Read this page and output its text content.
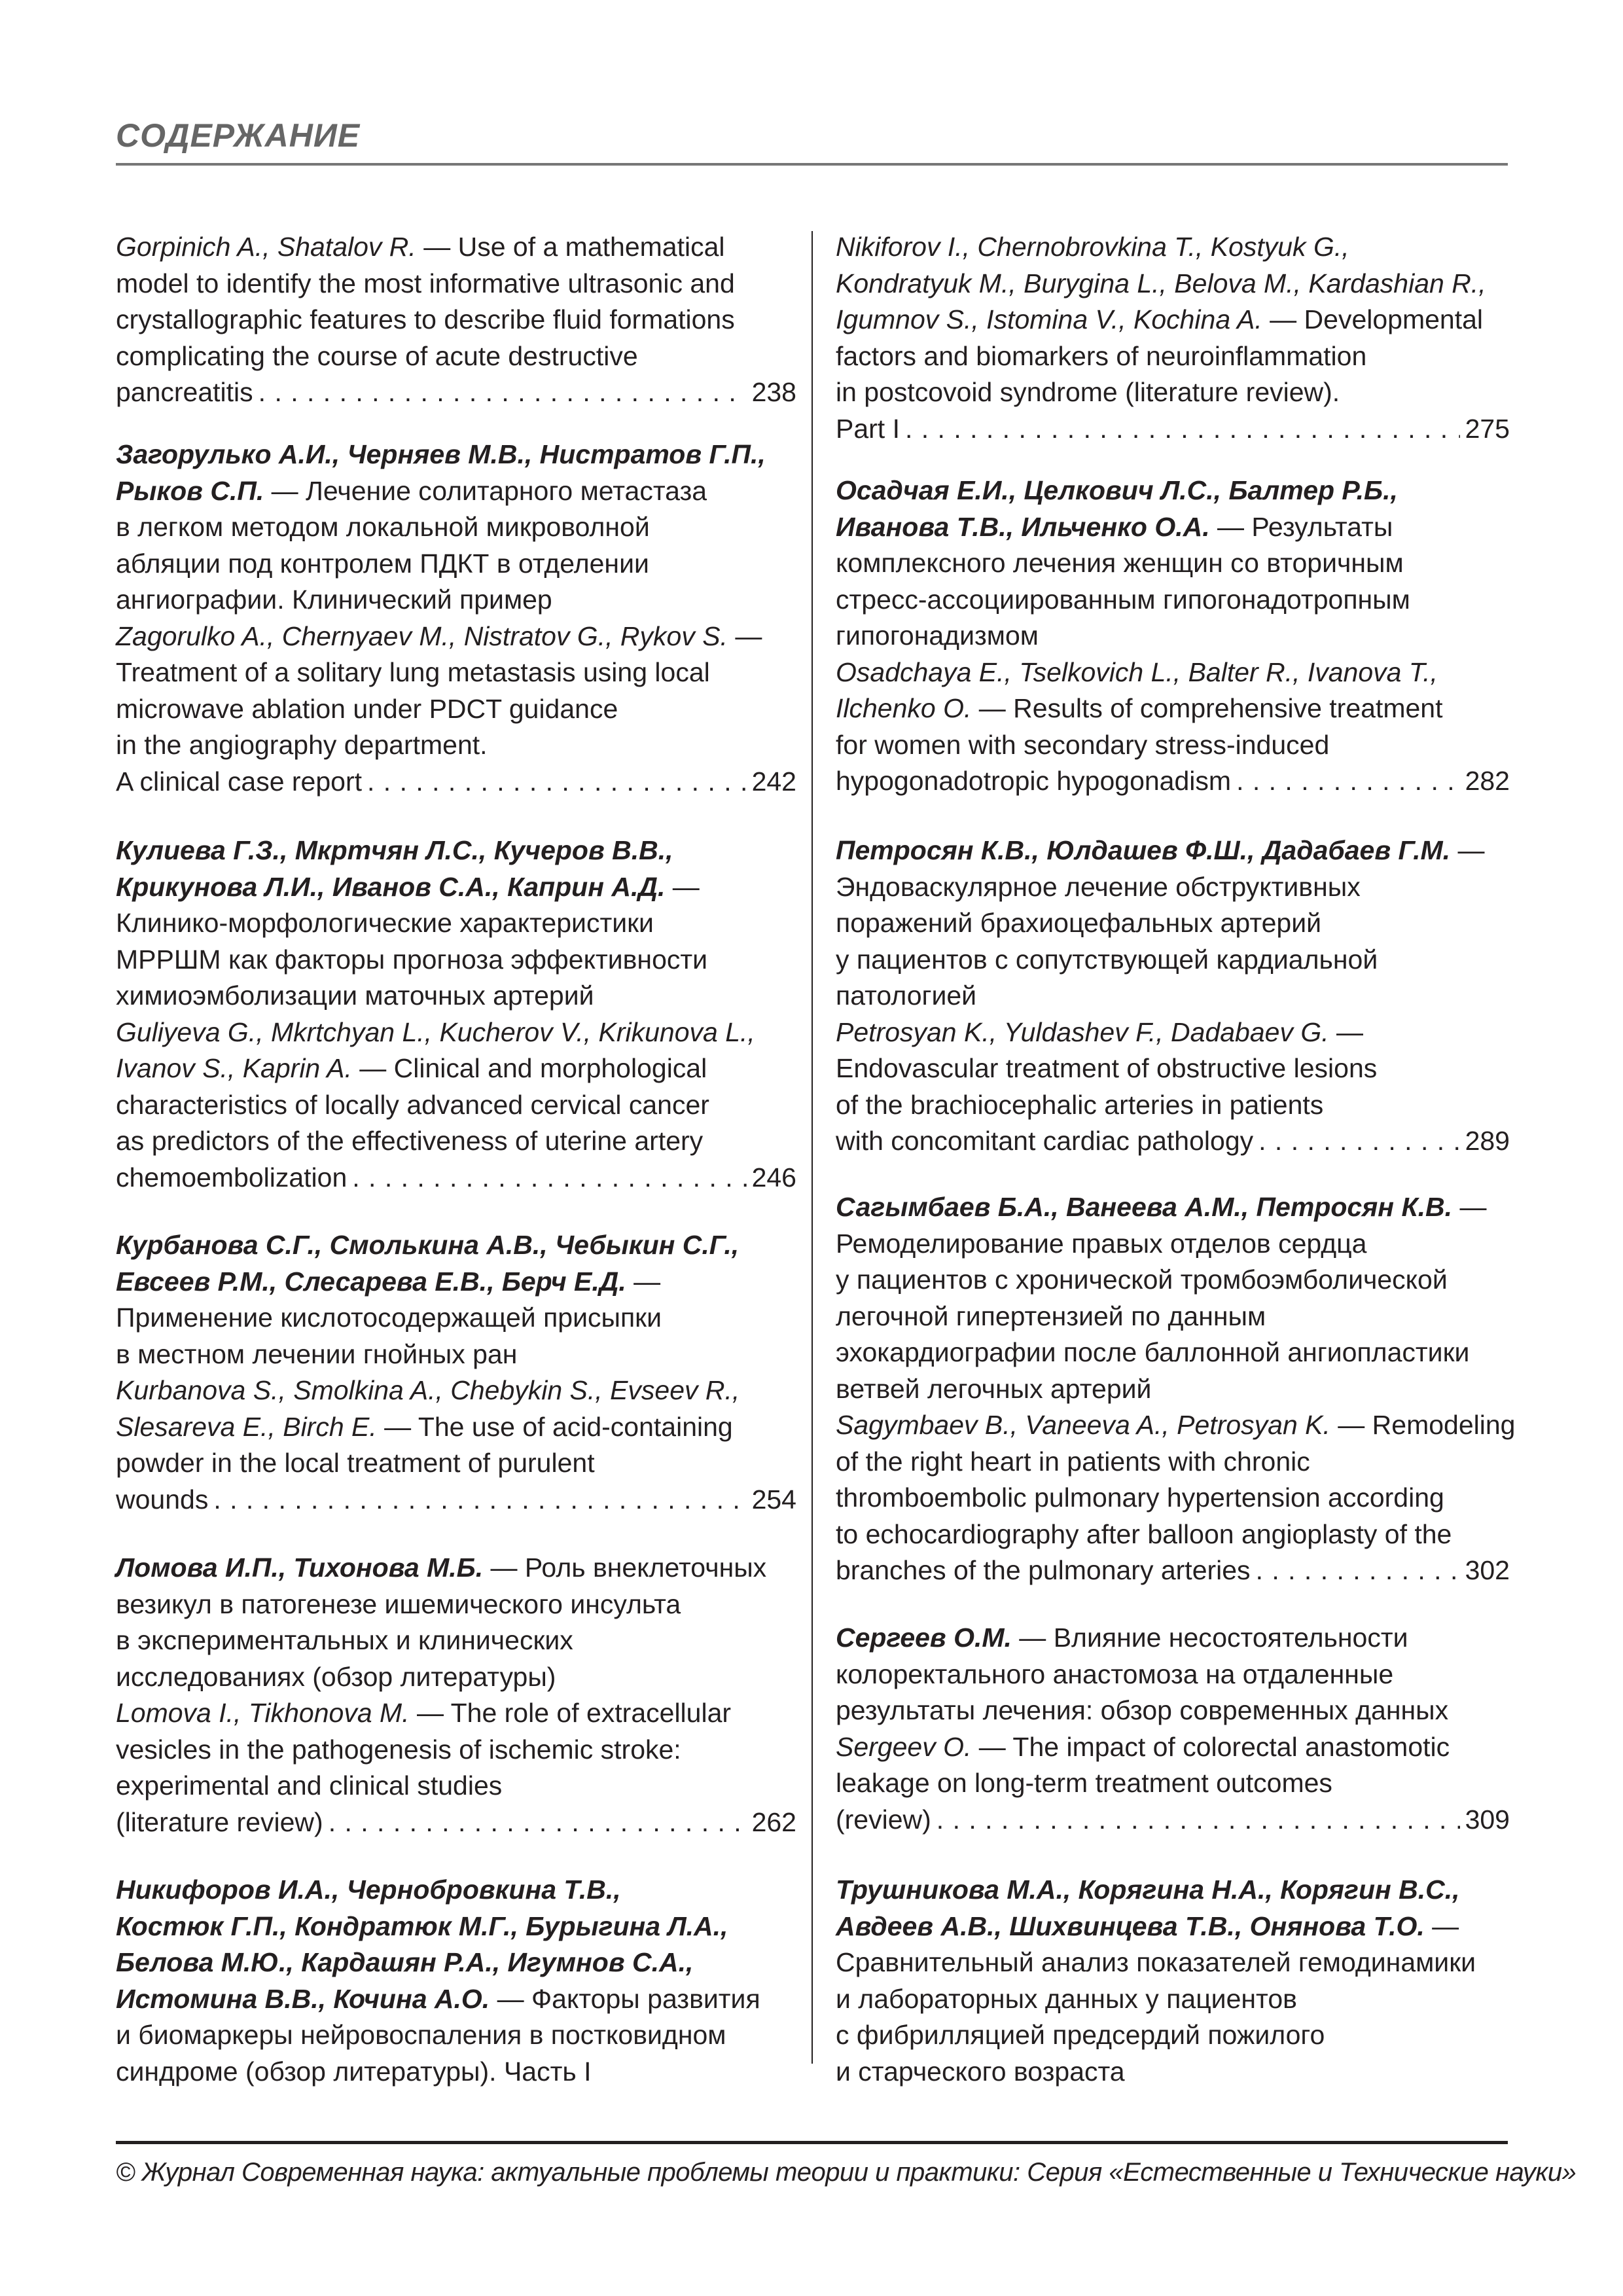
СОДЕРЖАНИЕ
Gorpinich A., Shatalov R. — Use of a mathematical
model to identify the most informative ultrasonic and
crystallographic features to describe fluid formations
complicating the course of acute destructive
pancreatitis . . .	238
Загорулько А.И., Черняев М.В., Нистратов Г.П.,
Рыков С.П. — Лечение солитарного метастаза
в легком методом локальной микроволной
абляции под контролем ПДКТ в отделении
ангиографии. Клинический пример
Zagorulko A., Chernyaev M., Nistratov G., Rykov S. —
Treatment of a solitary lung metastasis using local
microwave ablation under PDCT guidance
in the angiography department.
A clinical case report . . .	242
Кулиева Г.З., Мкртчян Л.С., Кучеров В.В.,
Крикунова Л.И., Иванов С.А., Каприн А.Д. —
Клинико-морфологические характеристики
МРРШМ как факторы прогноза эффективности
химиоэмболизации маточных артерий
Guliyeva G., Mkrtchyan L., Kucherov V., Krikunova L.,
Ivanov S., Kaprin A. — Clinical and morphological
characteristics of locally advanced cervical cancer
as predictors of the effectiveness of uterine artery
chemoembolization . . .	246
Курбанова С.Г., Смолькина А.В., Чебыкин С.Г.,
Евсеев Р.М., Слесарева Е.В., Берч Е.Д. —
Применение кислотосодержащей присыпки
в местном лечении гнойных ран
Kurbanova S., Smolkina A., Chebykin S., Evseev R.,
Slesareva E., Birch E. — The use of acid-containing
powder in the local treatment of purulent
wounds . . .	254
Ломова И.П., Тихонова М.Б. — Роль внеклеточных
везикул в патогенезе ишемического инсульта
в экспериментальных и клинических
исследованиях (обзор литературы)
Lomova I., Tikhonova M. — The role of extracellular
vesicles in the pathogenesis of ischemic stroke:
experimental and clinical studies
(literature review) . . .	262
Никифоров И.А., Чернобровкина Т.В.,
Костюк Г.П., Кондратюк М.Г., Бурыгина Л.А.,
Белова М.Ю., Кардашян Р.А., Игумнов С.А.,
Истомина В.В., Кочина А.О. — Факторы развития
и биомаркеры нейровоспаления в постковидном
синдроме (обзор литературы). Часть I
Nikiforov I., Chernobrovkina T., Kostyuk G.,
Kondratyuk M., Burygina L., Belova M., Kardashian R.,
Igumnov S., Istomina V., Kochina A. — Developmental
factors and biomarkers of neuroinflammation
in postcovoid syndrome (literature review).
Part I . . .	275
Осадчая Е.И., Целкович Л.С., Балтер Р.Б.,
Иванова Т.В., Ильченко О.А. — Результаты
комплексного лечения женщин со вторичным
стресс-ассоциированным гипогонадотропным
гипогонадизмом
Osadchaya E., Tselkovich L., Balter R., Ivanova T.,
Ilchenko O. — Results of comprehensive treatment
for women with secondary stress-induced
hypogonadotropic hypogonadism . . .	282
Петросян К.В., Юлдашев Ф.Ш., Дадабаев Г.М. —
Эндоваскулярное лечение обструктивных
поражений брахиоцефальных артерий
у пациентов с сопутствующей кардиальной
патологией
Petrosyan K., Yuldashev F., Dadabaev G. —
Endovascular treatment of obstructive lesions
of the brachiocephalic arteries in patients
with concomitant cardiac pathology . . .	289
Сагымбаев Б.А., Ванеева А.М., Петросян К.В. —
Ремоделирование правых отделов сердца
у пациентов с хронической тромбоэмболической
легочной гипертензией по данным
эхокардиографии после баллонной ангиопластики
ветвей легочных артерий
Sagymbaev B., Vaneeva A., Petrosyan K. — Remodeling
of the right heart in patients with chronic
thromboembolic pulmonary hypertension according
to echocardiography after balloon angioplasty of the
branches of the pulmonary arteries . . .	302
Сергеев О.М. — Влияние несостоятельности
колоректального анастомоза на отдаленные
результаты лечения: обзор современных данных
Sergeev O. — The impact of colorectal anastomotic
leakage on long-term treatment outcomes
(review) . . .	309
Трушникова М.А., Корягина Н.А., Корягин В.С.,
Авдеев А.В., Шихвинцева Т.В., Онянова Т.О. —
Сравнительный анализ показателей гемодинамики
и лабораторных данных у пациентов
с фибрилляцией предсердий пожилого
и старческого возраста
© Журнал Современная наука: актуальные проблемы теории и практики: Серия «Естественные и Технические науки»
